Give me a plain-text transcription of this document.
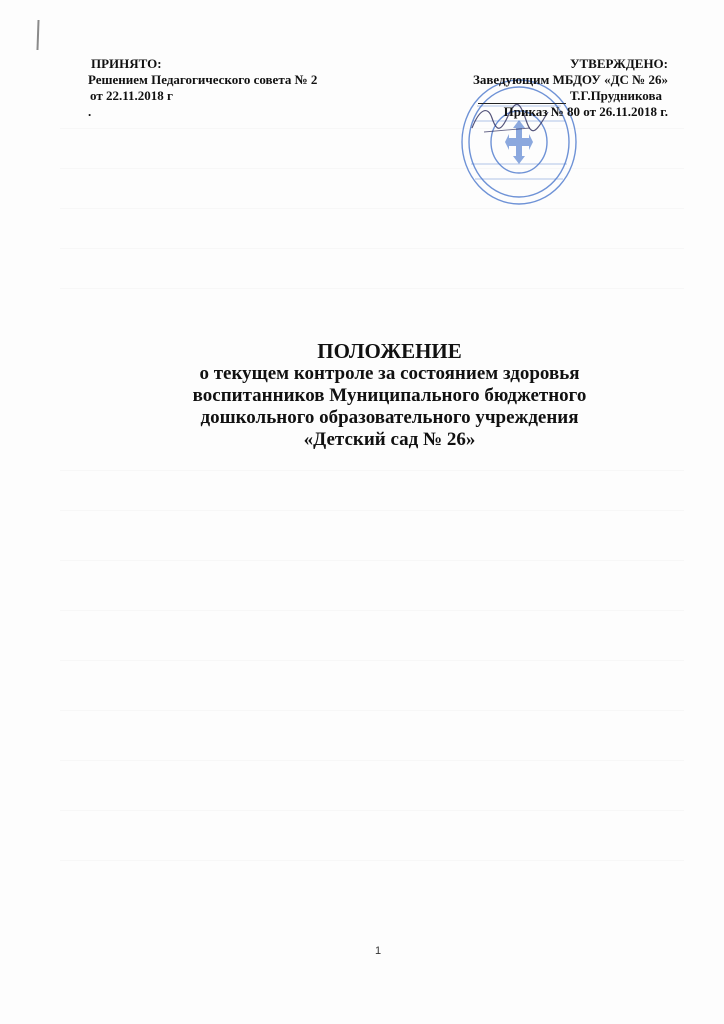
ПРИНЯТО:
Решением Педагогического совета № 2
от 22.11.2018 г
.
УТВЕРЖДЕНО:
Заведующим МБДОУ «ДС № 26»
Т.Г.Прудникова
Приказ № 80 от 26.11.2018 г.
ПОЛОЖЕНИЕ
о текущем контроле за состоянием здоровья
воспитанников Муниципального бюджетного
дошкольного образовательного учреждения
«Детский сад № 26»
1
